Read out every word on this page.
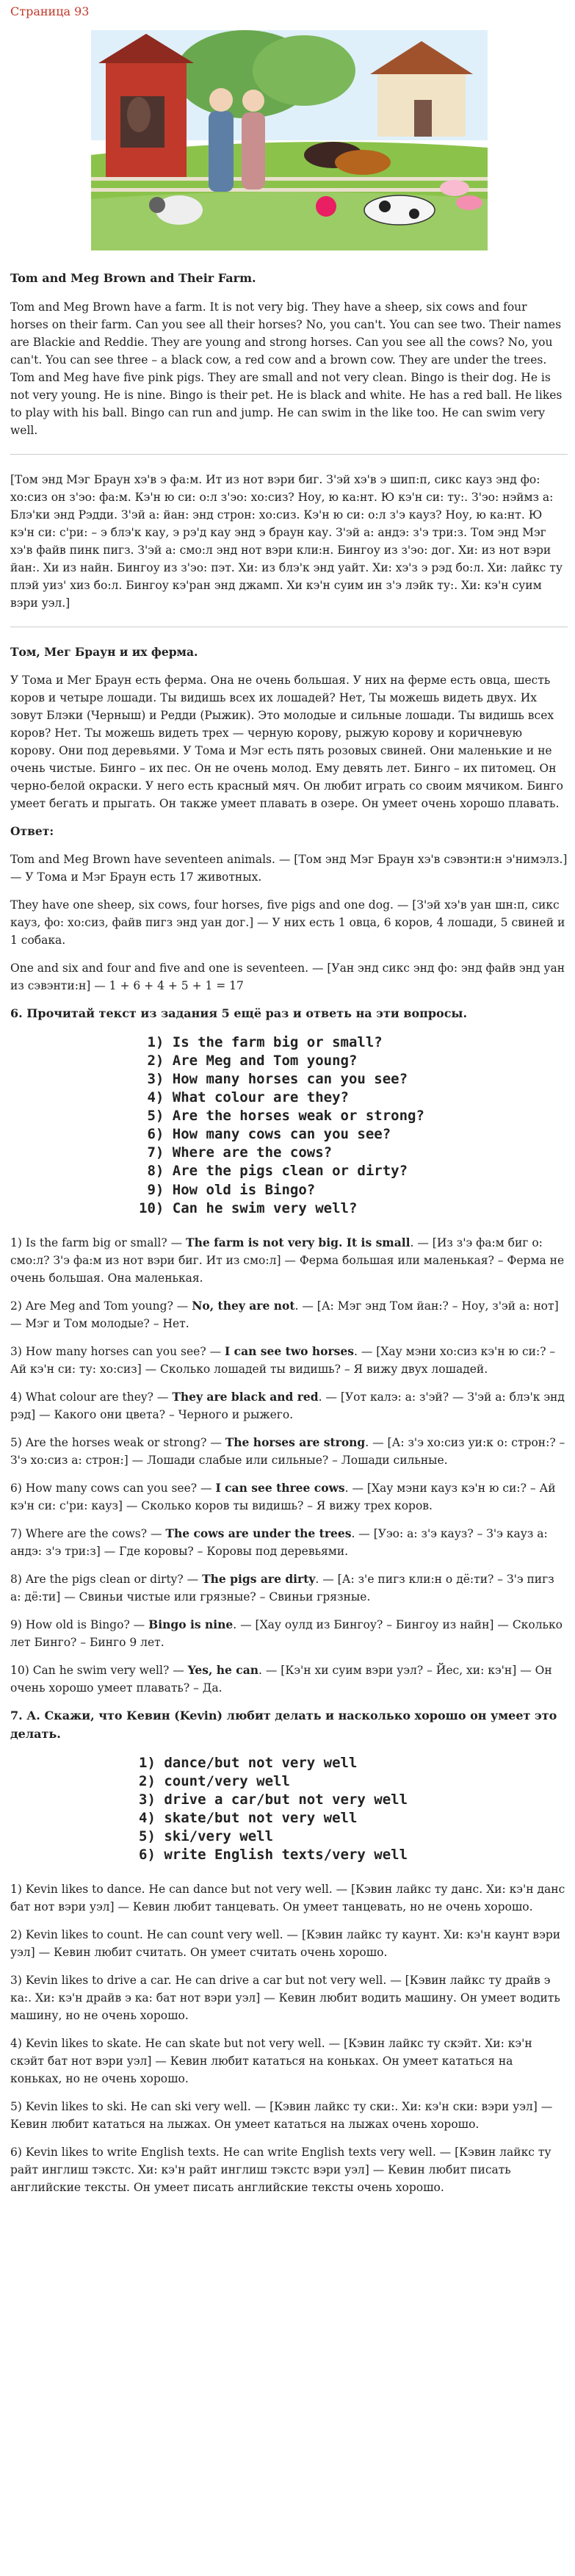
Страница 93
Tom and Meg Brown and Their Farm.

Tom and Meg Brown have a farm. It is not very big. They have a sheep, six cows and four horses on their farm. Can you see all their horses? No, you can't. You can see two. Their names are Blackie and Reddie. They are young and strong horses. Can you see all the cows? No, you can't. You can see three – a black cow, a red cow and a brown cow. They are under the trees. Tom and Meg have five pink pigs. They are small and not very clean. Bingo is their dog. He is not very young. He is nine. Bingo is their pet. He is black and white. He has a red ball. He likes to play with his ball. Bingo can run and jump. He can swim in the like too. He can swim very well.

[Том энд Мэг Браун хэ'в э фа:м. Ит из нот вэри биг. З'эй хэ'в э шип:п, сикс кауз энд фо: хо:сиз он з'эо: фа:м. Кэ'н ю си: о:л з'эо: хо:сиз? Ноу, ю ка:нт. Ю кэ'н си: ту:. З'эо: нэймз а: Блэ'ки энд Рэдди. З'эй а: йан: энд строн: хо:сиз. Кэ'н ю си: о:л з'э кауз? Ноу, ю ка:нт. Ю кэ'н си: с'ри: – э блэ'к кау, э рэ'д кау энд э браун кау. З'эй а: андэ: з'э три:з. Том энд Мэг хэ'в файв пинк пигз. З'эй а: смо:л энд нот вэри кли:н. Бингоу из з'эо: дог. Хи: из нот вэри йан:. Хи из найн. Бингоу из з'эо: пэт. Хи: из блэ'к энд уайт. Хи: хэ'з э рэд бо:л. Хи: лайкс ту плэй уиз' хиз бо:л. Бингоу кэ'ран энд джамп. Хи кэ'н суим ин з'э лэйк ту:. Хи: кэ'н суим вэри уэл.]

Том, Мег Браун и их ферма.

У Тома и Мег Браун есть ферма. Она не очень большая. У них на ферме есть овца, шесть коров и четыре лошади. Ты видишь всех их лошадей? Нет, Ты можешь видеть двух. Их зовут Блэки (Черныш) и Редди (Рыжик). Это молодые и сильные лошади. Ты видишь всех коров? Нет. Ты можешь видеть трех — черную корову, рыжую корову и коричневую корову. Они под деревьями. У Тома и Мэг есть пять розовых свиней. Они маленькие и не очень чистые. Бинго – их пес. Он не очень молод. Ему девять лет. Бинго – их питомец. Он черно-белой окраски. У него есть красный мяч. Он любит играть со своим мячиком. Бинго умеет бегать и прыгать. Он также умеет плавать в озере. Он умеет очень хорошо плавать.

Ответ:

Tom and Meg Brown have seventeen animals. — [Том энд Мэг Браун хэ'в сэвэнти:н э'нимэлз.] — У Тома и Мэг Браун есть 17 животных.

They have one sheep, six cows, four horses, five pigs and one dog. — [З'эй хэ'в уан шн:п, сикс кауз, фо: хо:сиз, файв пигз энд уан дог.] — У них есть 1 овца, 6 коров, 4 лошади, 5 свиней и 1 собака.

One and six and four and five and one is seventeen. — [Уан энд сикс энд фо: энд файв энд уан из сэвэнти:н] — 1 + 6 + 4 + 5 + 1 = 17

6. Прочитай текст из задания 5 ещё раз и ответь на эти вопросы.

1) Is the farm big or small?
2) Are Meg and Tom young?
3) How many horses can you see?
4) What colour are they?
5) Are the horses weak or strong?
6) How many cows can you see?
7) Where are the cows?
8) Are the pigs clean or dirty?
9) How old is Bingo?
10) Can he swim very well?

1) Is the farm big or small? — The farm is not very big. It is small. — [Из з'э фа:м биг о: смо:л? З'э фа:м из нот вэри биг. Ит из смо:л] — Ферма большая или маленькая? – Ферма не очень большая. Она маленькая.

2) Are Meg and Tom young? — No, they are not. — [А: Мэг энд Том йан:? – Ноу, з'эй а: нот] — Мэг и Том молодые? – Нет.

3) How many horses can you see? — I can see two horses. — [Хау мэни хо:сиз кэ'н ю си:? – Ай кэ'н си: ту: хо:сиз] — Сколько лошадей ты видишь? – Я вижу двух лошадей.

4) What colour are they? — They are black and red. — [Уот калэ: а: з'эй? — З'эй а: блэ'к энд рэд] — Какого они цвета? – Черного и рыжего.

5) Are the horses weak or strong? — The horses are strong. — [А: з'э хо:сиз уи:к о: строн:? – З'э хо:сиз а: строн:] — Лошади слабые или сильные? – Лошади сильные.

6) How many cows can you see? — I can see three cows. — [Хау мэни кауз кэ'н ю си:? – Ай кэ'н си: с'ри: кауз] — Сколько коров ты видишь? – Я вижу трех коров.

7) Where are the cows? — The cows are under the trees. — [Уэо: а: з'э кауз? – З'э кауз а: андэ: з'э три:з] — Где коровы? – Коровы под деревьями.

8) Are the pigs clean or dirty? — The pigs are dirty. — [А: з'е пигз кли:н о дё:ти? – З'э пигз а: дё:ти] — Свиньи чистые или грязные? – Свиньи грязные.

9) How old is Bingo? — Bingo is nine. — [Хау оулд из Бингоу? – Бингоу из найн] — Сколько лет Бинго? – Бинго 9 лет.

10) Can he swim very well? — Yes, he can. — [Кэ'н хи суим вэри уэл? – Йес, хи: кэ'н] — Он очень хорошо умеет плавать? – Да.

7. А. Скажи, что Кевин (Kevin) любит делать и насколько хорошо он умеет это делать.

1) dance/but not very well
2) count/very well
3) drive a car/but not very well
4) skate/but not very well
5) ski/very well
6) write English texts/very well

1) Kevin likes to dance. He can dance but not very well. — [Кэвин лайкс ту данс. Хи: кэ'н данс бат нот вэри уэл] — Кевин любит танцевать. Он умеет танцевать, но не очень хорошо.

2) Kevin likes to count. He can count very well. — [Кэвин лайкс ту каунт. Хи: кэ'н каунт вэри уэл] — Кевин любит считать. Он умеет считать очень хорошо.

3) Kevin likes to drive a car. He can drive a car but not very well. — [Кэвин лайкс ту драйв э ка:. Хи: кэ'н драйв э ка: бат нот вэри уэл] — Кевин любит водить машину. Он умеет водить машину, но не очень хорошо.

4) Kevin likes to skate. He can skate but not very well. — [Кэвин лайкс ту скэйт. Хи: кэ'н скэйт бат нот вэри уэл] — Кевин любит кататься на коньках. Он умеет кататься на коньках, но не очень хорошо.

5) Kevin likes to ski. He can ski very well. — [Кэвин лайкс ту ски:. Хи: кэ'н ски: вэри уэл] — Кевин любит кататься на лыжах. Он умеет кататься на лыжах очень хорошо.

6) Kevin likes to write English texts. He can write English texts very well. — [Кэвин лайкс ту райт инглиш тэкстс. Хи: кэ'н райт инглиш тэкстс вэри уэл] — Кевин любит писать английские тексты. Он умеет писать английские тексты очень хорошо.
